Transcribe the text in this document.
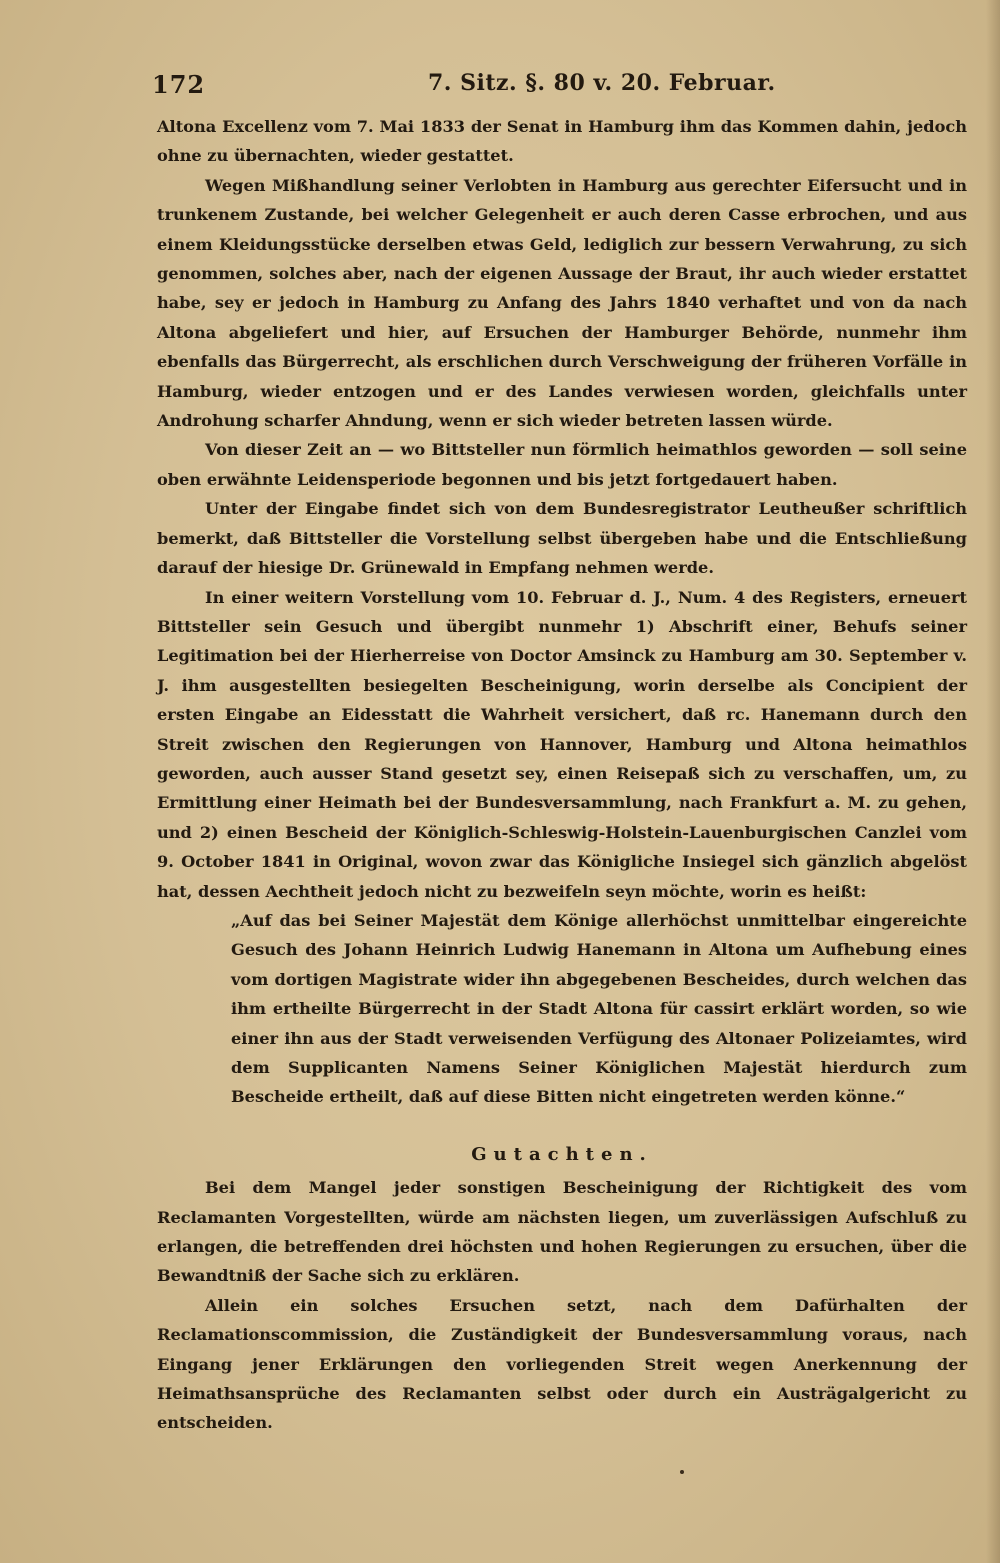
172	7. Sitz. §. 80 v. 20. Februar.

Altona Excellenz vom 7. Mai 1833 der Senat in Hamburg ihm das Kommen dahin, jedoch ohne zu übernachten, wieder gestattet.

Wegen Mißhandlung seiner Verlobten in Hamburg aus gerechter Eifersucht und in trunkenem Zustande, bei welcher Gelegenheit er auch deren Casse erbrochen, und aus einem Kleidungsstücke derselben etwas Geld, lediglich zur bessern Verwahrung, zu sich genommen, solches aber, nach der eigenen Aussage der Braut, ihr auch wieder erstattet habe, sey er jedoch in Hamburg zu Anfang des Jahrs 1840 verhaftet und von da nach Altona abgeliefert und hier, auf Ersuchen der Hamburger Behörde, nunmehr ihm ebenfalls das Bürgerrecht, als erschlichen durch Verschweigung der früheren Vorfälle in Hamburg, wieder entzogen und er des Landes verwiesen worden, gleichfalls unter Androhung scharfer Ahndung, wenn er sich wieder betreten lassen würde.

Von dieser Zeit an — wo Bittsteller nun förmlich heimathlos geworden — soll seine oben erwähnte Leidensperiode begonnen und bis jetzt fortgedauert haben.

Unter der Eingabe findet sich von dem Bundesregistrator Leutheußer schriftlich bemerkt, daß Bittsteller die Vorstellung selbst übergeben habe und die Entschließung darauf der hiesige Dr. Grünewald in Empfang nehmen werde.

In einer weitern Vorstellung vom 10. Februar d. J., Num. 4 des Registers, erneuert Bittsteller sein Gesuch und übergibt nunmehr 1) Abschrift einer, Behufs seiner Legitimation bei der Hierherreise von Doctor Amsinck zu Hamburg am 30. September v. J. ihm ausgestellten besiegelten Bescheinigung, worin derselbe als Concipient der ersten Eingabe an Eidesstatt die Wahrheit versichert, daß rc. Hanemann durch den Streit zwischen den Regierungen von Hannover, Hamburg und Altona heimathlos geworden, auch ausser Stand gesetzt sey, einen Reisepaß sich zu verschaffen, um, zu Ermittlung einer Heimath bei der Bundesversammlung, nach Frankfurt a. M. zu gehen, und 2) einen Bescheid der Königlich-Schleswig-Holstein-Lauenburgischen Canzlei vom 9. October 1841 in Original, wovon zwar das Königliche Insiegel sich gänzlich abgelöst hat, dessen Aechtheit jedoch nicht zu bezweifeln seyn möchte, worin es heißt:

„Auf das bei Seiner Majestät dem Könige allerhöchst unmittelbar eingereichte Gesuch des Johann Heinrich Ludwig Hanemann in Altona um Aufhebung eines vom dortigen Magistrate wider ihn abgegebenen Bescheides, durch welchen das ihm ertheilte Bürgerrecht in der Stadt Altona für cassirt erklärt worden, so wie einer ihn aus der Stadt verweisenden Verfügung des Altonaer Polizeiamtes, wird dem Supplicanten Namens Seiner Königlichen Majestät hierdurch zum Bescheide ertheilt, daß auf diese Bitten nicht eingetreten werden könne.“

Gutachten.

Bei dem Mangel jeder sonstigen Bescheinigung der Richtigkeit des vom Reclamanten Vorgestellten, würde am nächsten liegen, um zuverlässigen Aufschluß zu erlangen, die betreffenden drei höchsten und hohen Regierungen zu ersuchen, über die Bewandtniß der Sache sich zu erklären.

Allein ein solches Ersuchen setzt, nach dem Dafürhalten der Reclamationscommission, die Zuständigkeit der Bundesversammlung voraus, nach Eingang jener Erklärungen den vorliegenden Streit wegen Anerkennung der Heimathsansprüche des Reclamanten selbst oder durch ein Austrägalgericht zu entscheiden.
